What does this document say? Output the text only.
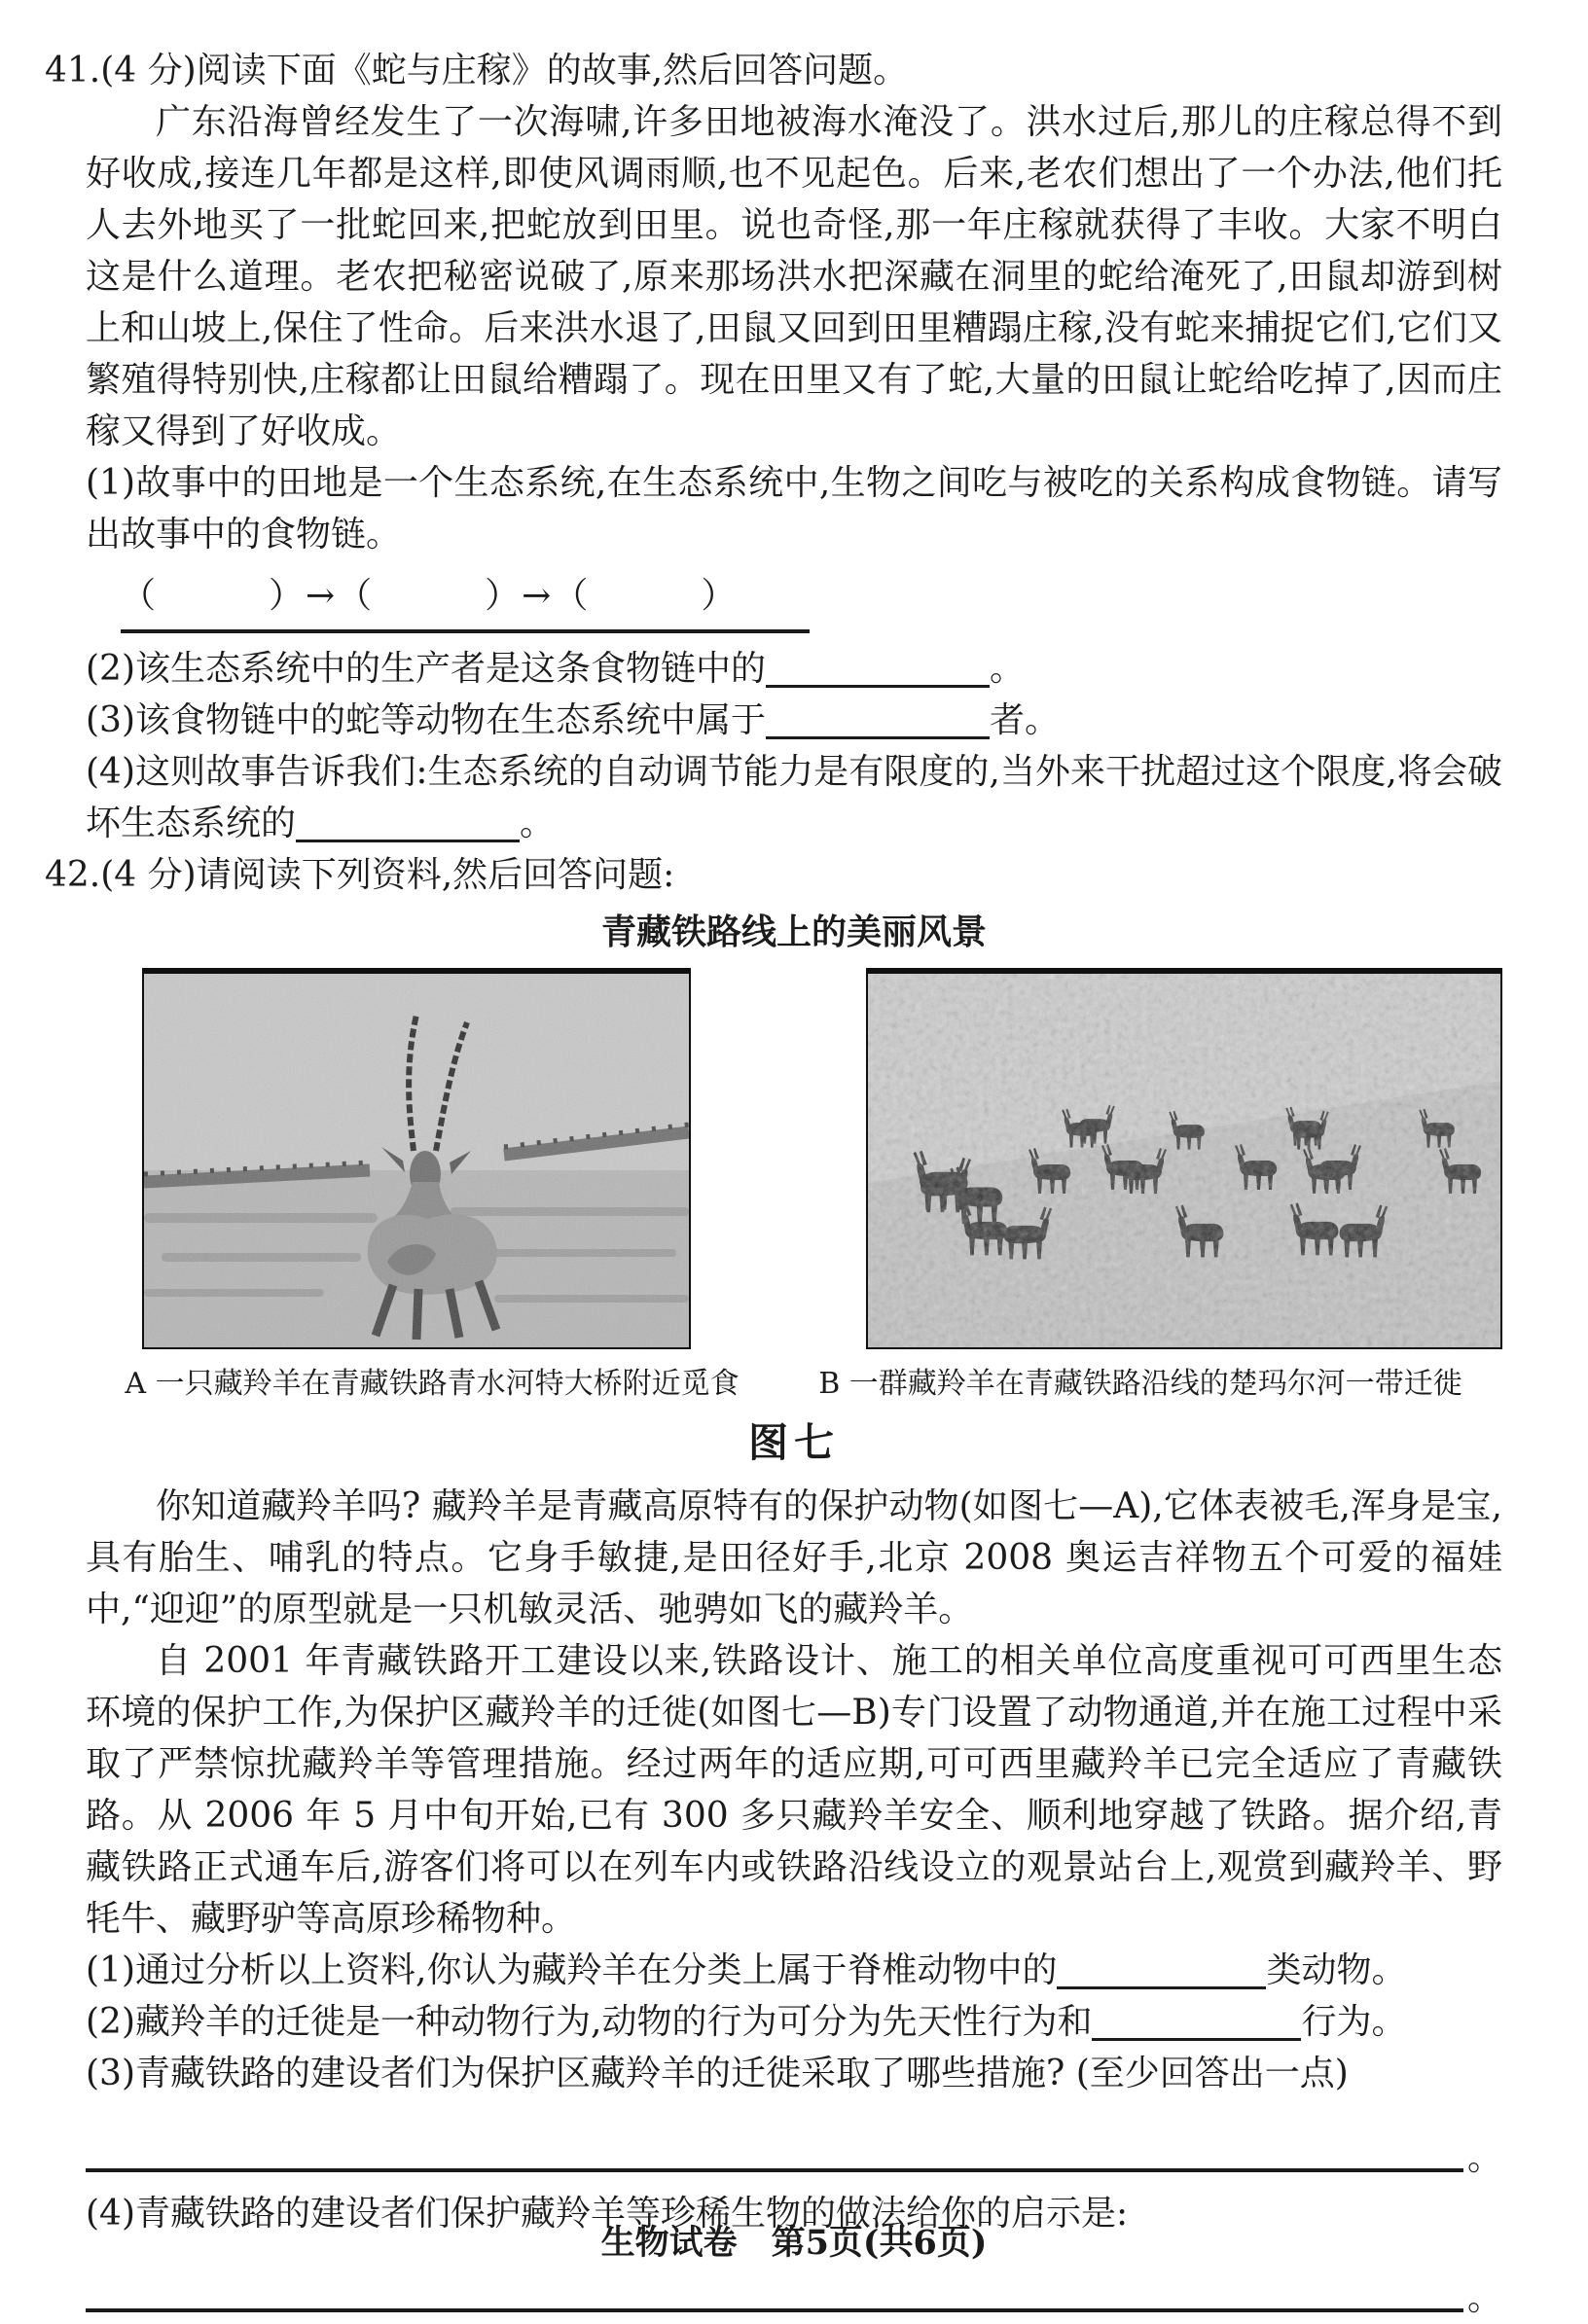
41.(4 分)阅读下面《蛇与庄稼》的故事,然后回答问题。

广东沿海曾经发生了一次海啸,许多田地被海水淹没了。洪水过后,那儿的庄稼总得不到好收成,接连几年都是这样,即使风调雨顺,也不见起色。后来,老农们想出了一个办法,他们托人去外地买了一批蛇回来,把蛇放到田里。说也奇怪,那一年庄稼就获得了丰收。大家不明白这是什么道理。老农把秘密说破了,原来那场洪水把深藏在洞里的蛇给淹死了,田鼠却游到树上和山坡上,保住了性命。后来洪水退了,田鼠又回到田里糟蹋庄稼,没有蛇来捕捉它们,它们又繁殖得特别快,庄稼都让田鼠给糟蹋了。现在田里又有了蛇,大量的田鼠让蛇给吃掉了,因而庄稼又得到了好收成。

(1)故事中的田地是一个生态系统,在生态系统中,生物之间吃与被吃的关系构成食物链。请写出故事中的食物链。

（　　　）→（　　　）→（　　　）
(2)该生态系统中的生产者是这条食物链中的	。
(3)该食物链中的蛇等动物在生态系统中属于	者。
(4)这则故事告诉我们:生态系统的自动调节能力是有限度的,当外来干扰超过这个限度,将会破坏生态系统的	。
42.(4 分)请阅读下列资料,然后回答问题:
青藏铁路线上的美丽风景
A 一只藏羚羊在青藏铁路青水河特大桥附近觅食	B 一群藏羚羊在青藏铁路沿线的楚玛尔河一带迁徙
图七

你知道藏羚羊吗? 藏羚羊是青藏高原特有的保护动物(如图七—A),它体表被毛,浑身是宝,具有胎生、哺乳的特点。它身手敏捷,是田径好手,北京 2008 奥运吉祥物五个可爱的福娃中,“迎迎”的原型就是一只机敏灵活、驰骋如飞的藏羚羊。

自 2001 年青藏铁路开工建设以来,铁路设计、施工的相关单位高度重视可可西里生态环境的保护工作,为保护区藏羚羊的迁徙(如图七—B)专门设置了动物通道,并在施工过程中采取了严禁惊扰藏羚羊等管理措施。经过两年的适应期,可可西里藏羚羊已完全适应了青藏铁路。从 2006 年 5 月中旬开始,已有 300 多只藏羚羊安全、顺利地穿越了铁路。据介绍,青藏铁路正式通车后,游客们将可以在列车内或铁路沿线设立的观景站台上,观赏到藏羚羊、野牦牛、藏野驴等高原珍稀物种。

(1)通过分析以上资料,你认为藏羚羊在分类上属于脊椎动物中的	类动物。
(2)藏羚羊的迁徙是一种动物行为,动物的行为可分为先天性行为和	行为。
(3)青藏铁路的建设者们为保护区藏羚羊的迁徙采取了哪些措施? (至少回答出一点)
。
(4)青藏铁路的建设者们保护藏羚羊等珍稀生物的做法给你的启示是:
。
生物试卷　第5页(共6页)
